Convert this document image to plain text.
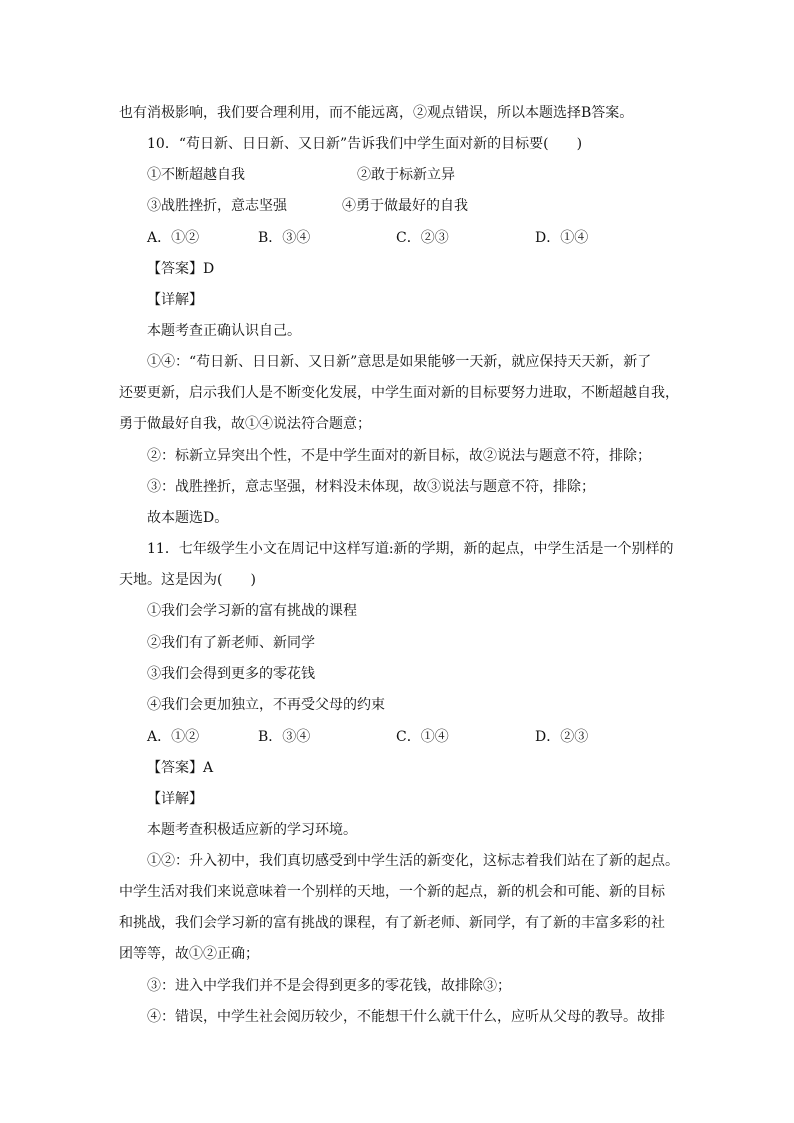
也有消极影响，我们要合理利用，而不能远离，②观点错误，所以本题选择B答案。
10．“苟日新、日日新、又日新”告诉我们中学生面对新的目标要(　　)
①不断超越自我	②敢于标新立异
③战胜挫折，意志坚强	④勇于做最好的自我
A．①②	B．③④	C．②③	D．①④
【答案】D
【详解】
本题考查正确认识自己。
①④：“苟日新、日日新、又日新”意思是如果能够一天新，就应保持天天新，新了
还要更新，启示我们人是不断变化发展，中学生面对新的目标要努力进取，不断超越自我，
勇于做最好自我，故①④说法符合题意；
②：标新立异突出个性，不是中学生面对的新目标，故②说法与题意不符，排除；
③：战胜挫折，意志坚强，材料没未体现，故③说法与题意不符，排除；
故本题选D。
11．七年级学生小文在周记中这样写道:新的学期，新的起点，中学生活是一个别样的
天地。这是因为(　　)
①我们会学习新的富有挑战的课程
②我们有了新老师、新同学
③我们会得到更多的零花钱
④我们会更加独立，不再受父母的约束
A．①②	B．③④	C．①④	D．②③
【答案】A
【详解】
本题考查积极适应新的学习环境。
①②：升入初中，我们真切感受到中学生活的新变化，这标志着我们站在了新的起点。
中学生活对我们来说意味着一个别样的天地，一个新的起点，新的机会和可能、新的目标
和挑战，我们会学习新的富有挑战的课程，有了新老师、新同学，有了新的丰富多彩的社
团等等，故①②正确；
③：进入中学我们并不是会得到更多的零花钱，故排除③；
④：错误，中学生社会阅历较少，不能想干什么就干什么，应听从父母的教导。故排
